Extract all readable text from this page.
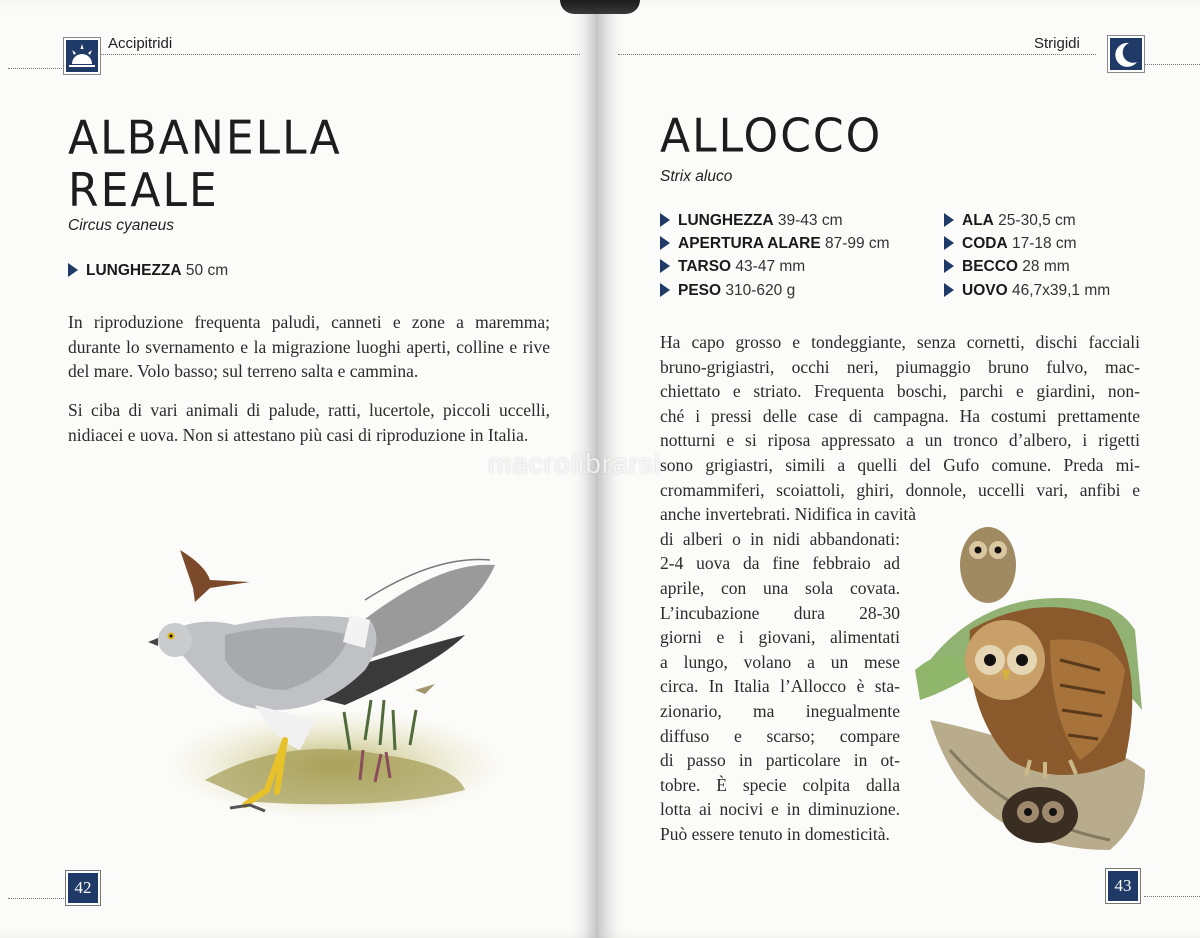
Accipitridi
ALBANELLA
REALE
Circus cyaneus
LUNGHEZZA 50 cm

In riproduzione frequenta paludi, canneti e zone a maremma; durante lo svernamento e la migrazione luoghi aperti, colline e rive del mare. Volo basso; sul terreno salta e cammina.

Si ciba di vari animali di palude, ratti, lucertole, piccoli uccelli, nidiacei e uova. Non si attestano più casi di riproduzione in Italia.

42
Strigidi
ALLOCCO
Strix aluco
LUNGHEZZA 39-43 cm
APERTURA ALARE 87-99 cm
TARSO 43-47 mm
PESO 310-620 g
ALA 25-30,5 cm
CODA 17-18 cm
BECCO 28 mm
UOVO 46,7x39,1 mm
Ha capo grosso e tondeggiante, senza cornetti, dischi facciali
bruno-grigiastri, occhi neri, piumaggio bruno fulvo, mac-
chiettato e striato. Frequenta boschi, parchi e giardini, non-
ché i pressi delle case di campagna. Ha costumi prettamente
notturni e si riposa appressato a un tronco d’albero, i rigetti
sono grigiastri, simili a quelli del Gufo comune. Preda mi-
cromammiferi, scoiattoli, ghiri, donnole, uccelli vari, anfibi e
anche invertebrati. Nidifica in cavità
di alberi o in nidi abbandonati:
2-4 uova da fine febbraio ad
aprile, con una sola covata.
L’incubazione dura 28-30
giorni e i giovani, alimentati
a lungo, volano a un mese
circa. In Italia l’Allocco è sta-
zionario, ma inegualmente
diffuso e scarso; compare
di passo in particolare in ot-
tobre. È specie colpita dalla
lotta ai nocivi e in diminuzione.
Può essere tenuto in domesticità.
43
macrolibrarsi
